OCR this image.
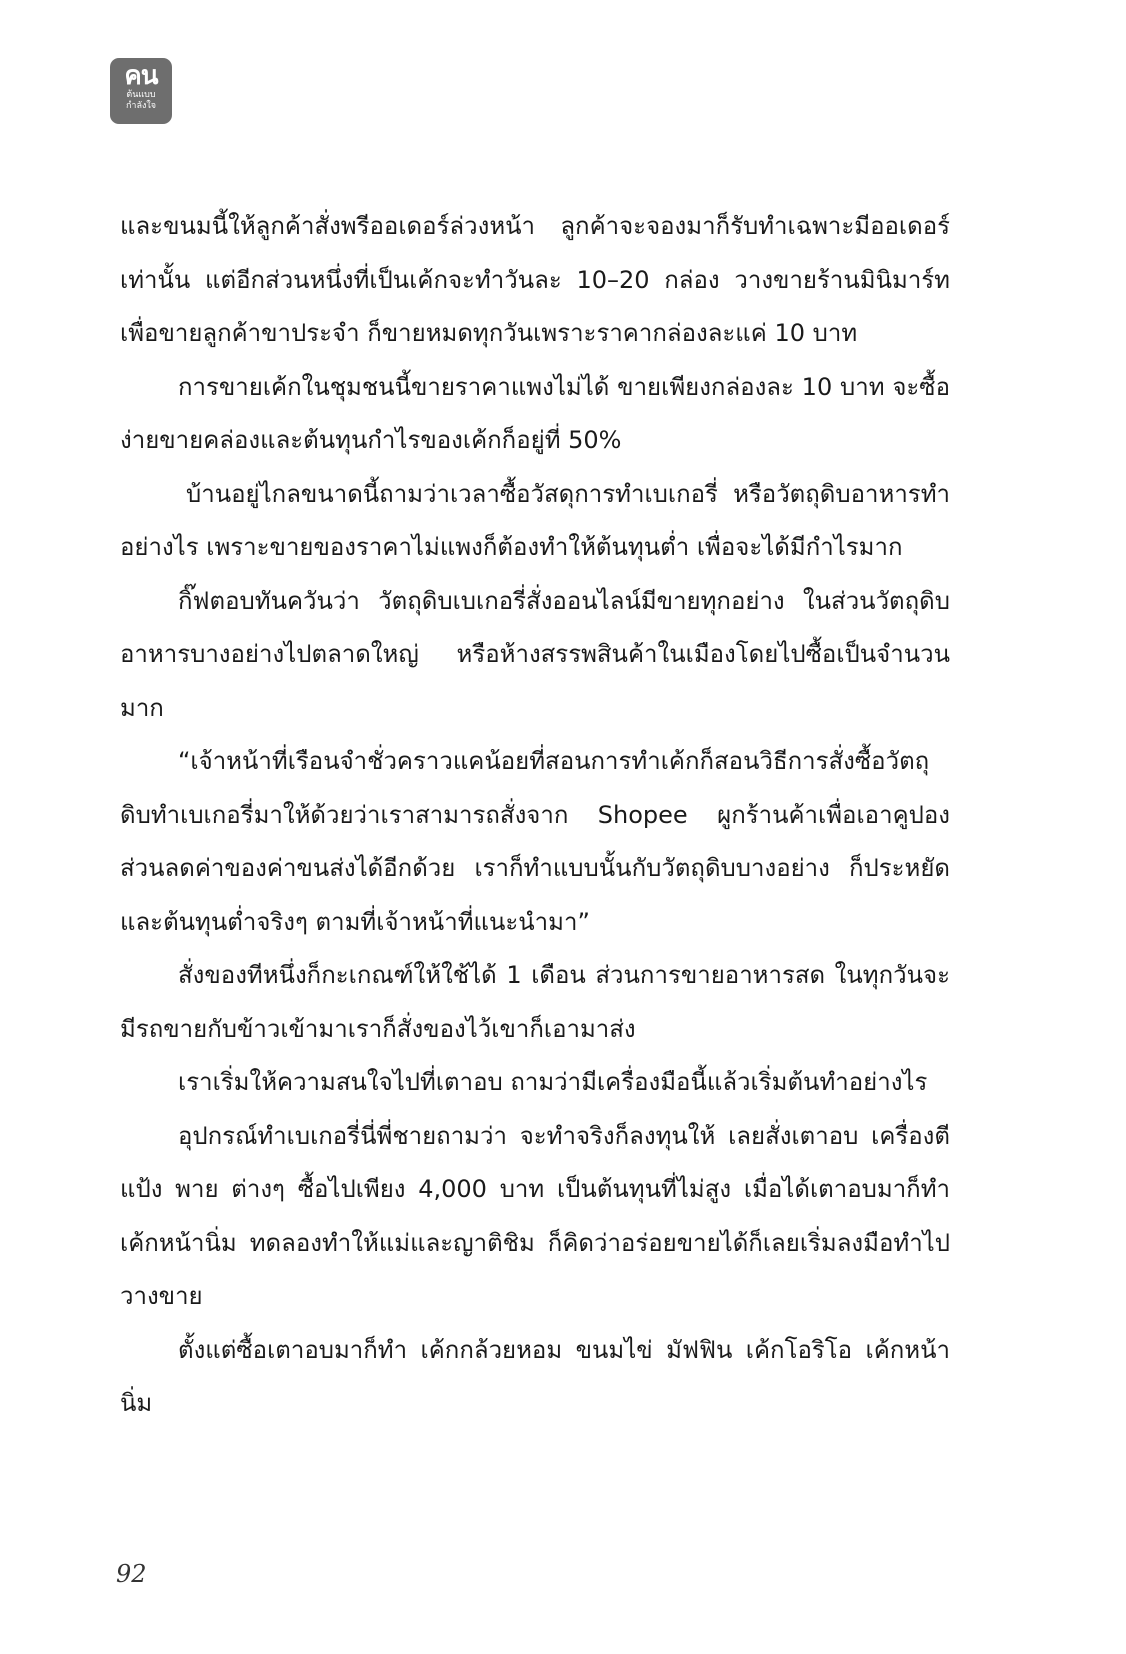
คน
ต้นแบบ
กำลังใจ

และขนมนี้ให้ลูกค้าสั่งพรีออเดอร์ล่วงหน้า ลูกค้าจะจองมาก็รับทำเฉพาะมีออเดอร์เท่านั้น แต่อีกส่วนหนึ่งที่เป็นเค้กจะทำวันละ 10–20 กล่อง วางขายร้านมินิมาร์ทเพื่อขายลูกค้าขาประจำ ก็ขายหมดทุกวันเพราะราคากล่องละแค่ 10 บาท

การขายเค้กในชุมชนนี้ขายราคาแพงไม่ได้ ขายเพียงกล่องละ 10 บาท จะซื้อง่ายขายคล่องและต้นทุนกำไรของเค้กก็อยู่ที่ 50%

บ้านอยู่ไกลขนาดนี้ถามว่าเวลาซื้อวัสดุการทำเบเกอรี่ หรือวัตถุดิบอาหารทำอย่างไร เพราะขายของราคาไม่แพงก็ต้องทำให้ต้นทุนต่ำ เพื่อจะได้มีกำไรมาก

กิ๊ฟตอบทันควันว่า วัตถุดิบเบเกอรี่สั่งออนไลน์มีขายทุกอย่าง ในส่วนวัตถุดิบอาหารบางอย่างไปตลาดใหญ่ หรือห้างสรรพสินค้าในเมืองโดยไปซื้อเป็นจำนวนมาก

“เจ้าหน้าที่เรือนจำชั่วคราวแคน้อยที่สอนการทำเค้กก็สอนวิธีการสั่งซื้อวัตถุดิบทำเบเกอรี่มาให้ด้วยว่าเราสามารถสั่งจาก Shopee ผูกร้านค้าเพื่อเอาคูปองส่วนลดค่าของค่าขนส่งได้อีกด้วย เราก็ทำแบบนั้นกับวัตถุดิบบางอย่าง ก็ประหยัดและต้นทุนต่ำจริงๆ ตามที่เจ้าหน้าที่แนะนำมา”

สั่งของทีหนึ่งก็กะเกณฑ์ให้ใช้ได้ 1 เดือน ส่วนการขายอาหารสด ในทุกวันจะมีรถขายกับข้าวเข้ามาเราก็สั่งของไว้เขาก็เอามาส่ง

เราเริ่มให้ความสนใจไปที่เตาอบ ถามว่ามีเครื่องมือนี้แล้วเริ่มต้นทำอย่างไร

อุปกรณ์ทำเบเกอรี่นี่พี่ชายถามว่า จะทำจริงก็ลงทุนให้ เลยสั่งเตาอบ เครื่องตีแป้ง พาย ต่างๆ ซื้อไปเพียง 4,000 บาท เป็นต้นทุนที่ไม่สูง เมื่อได้เตาอบมาก็ทำเค้กหน้านิ่ม ทดลองทำให้แม่และญาติชิม ก็คิดว่าอร่อยขายได้ก็เลยเริ่มลงมือทำไปวางขาย

ตั้งแต่ซื้อเตาอบมาก็ทำ เค้กกล้วยหอม ขนมไข่ มัฟฟิน เค้กโอริโอ เค้กหน้านิ่ม

92
